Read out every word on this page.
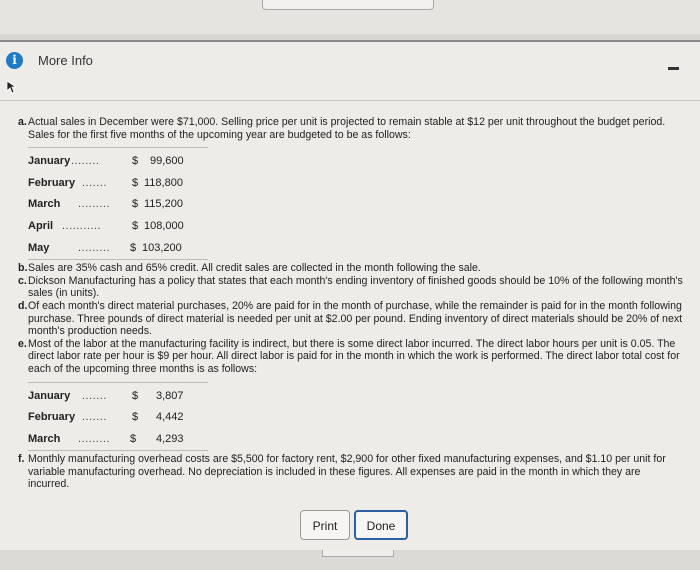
i	More Info

a. Actual sales in December were $71,000. Selling price per unit is projected to remain stable at $12 per unit throughout the budget period. Sales for the first five months of the upcoming year are budgeted to be as follows:

January ........	$ 99,600
February ....... $ 118,800
March ......... $ 115,200
April ...........	$ 108,000
May	......... $ 103,200

b. Sales are 35% cash and 65% credit. All credit sales are collected in the month following the sale.

c. Dickson Manufacturing has a policy that states that each month's ending inventory of finished goods should be 10% of the following month's sales (in units).

d. Of each month's direct material purchases, 20% are paid for in the month of purchase, while the remainder is paid for in the month following purchase. Three pounds of direct material is needed per unit at $2.00 per pound. Ending inventory of direct materials should be 20% of next month's production needs.

e. Most of the labor at the manufacturing facility is indirect, but there is some direct labor incurred. The direct labor hours per unit is 0.05. The direct labor rate per hour is $9 per hour. All direct labor is paid for in the month in which the work is performed. The direct labor total cost for each of the upcoming three months is as follows:

January ....... $ 3,807
February ....... $ 4,442
March ......... $ 4,293

f. Monthly manufacturing overhead costs are $5,500 for factory rent, $2,900 for other fixed manufacturing expenses, and $1.10 per unit for variable manufacturing overhead. No depreciation is included in these figures. All expenses are paid in the month in which they are incurred.

Print	Done
